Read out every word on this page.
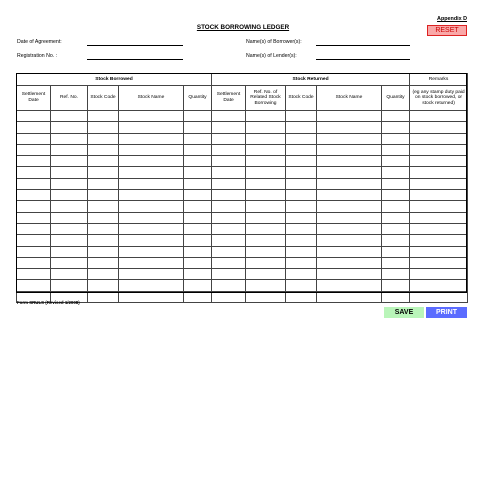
Appendix D
RESET
STOCK BORROWING LEDGER
Date of Agreement:
Registration No. :
Name(s) of Borrower(s):
Name(s) of Lender(s):
Stock Borrowed					Stock Returned					Remarks
Settlement Date	Ref. No.	Stock Code	Stock Name	Quantity	Settlement Date	Ref. No. of Related Stock Borrowing	Stock Code	Stock Name	Quantity	(eg any stamp duty paid on stock borrowed, or stock returned)

Form SRULS (Revised 1/2008)
SAVE	PRINT
